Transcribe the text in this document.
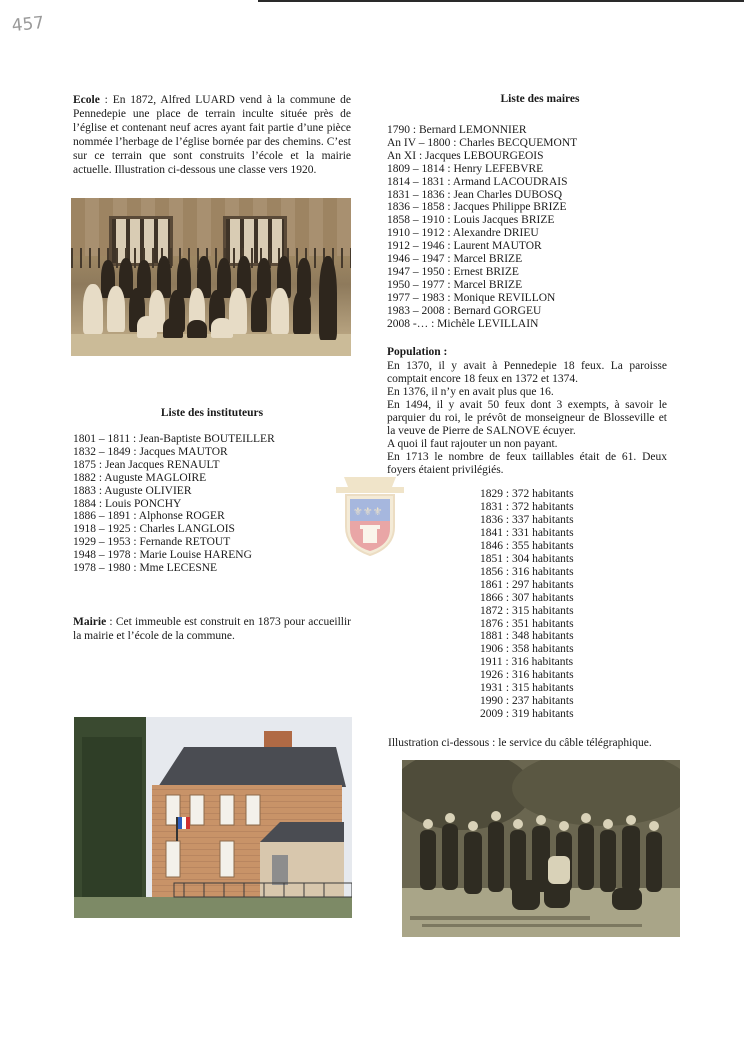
457

Ecole : En 1872, Alfred LUARD vend à la commune de Pennedepie une place de terrain inculte située près de l’église et contenant neuf acres ayant fait partie d’une pièce nommée l’herbage de l’église bornée par des chemins. C’est sur ce terrain que sont construits l’école et la mairie actuelle. Illustration ci-dessous une classe vers 1920.

Liste des instituteurs
1801 – 1811 : Jean-Baptiste BOUTEILLER
1832 – 1849 : Jacques MAUTOR
1875 : Jean Jacques RENAULT
1882 : Auguste MAGLOIRE
1883 : Auguste OLIVIER
1884 : Louis PONCHY
1886 – 1891 : Alphonse ROGER
1918 – 1925 : Charles LANGLOIS
1929 – 1953 : Fernande RETOUT
1948 – 1978 : Marie Louise HARENG
1978 – 1980 : Mme LECESNE

Mairie : Cet immeuble est construit en 1873 pour accueillir la mairie et l’école de la commune.

⚜⚜⚜
Liste des maires
1790 : Bernard LEMONNIER
An IV – 1800 : Charles BECQUEMONT
An XI : Jacques LEBOURGEOIS
1809 – 1814 : Henry LEFEBVRE
1814 – 1831 : Armand LACOUDRAIS
1831 – 1836 : Jean Charles DUBOSQ
1836 – 1858 : Jacques Philippe BRIZE
1858 – 1910 : Louis Jacques BRIZE
1910 – 1912 : Alexandre DRIEU
1912 – 1946 : Laurent MAUTOR
1946 – 1947 : Marcel BRIZE
1947 – 1950 : Ernest BRIZE
1950 – 1977 : Marcel BRIZE
1977 – 1983 : Monique REVILLON
1983 – 2008 : Bernard GORGEU
2008 -… : Michèle LEVILLAIN
Population :
En 1370, il y avait à Pennedepie 18 feux. La paroisse comptait encore 18 feux en 1372 et 1374.
En 1376, il n’y en avait plus que 16.
En 1494, il y avait 50 feux dont 3 exempts, à savoir le parquier du roi, le prévôt de monseigneur de Blosseville et la veuve de Pierre de SALNOVE écuyer.
A quoi il faut rajouter un non payant.
En 1713 le nombre de feux taillables était de 61. Deux foyers étaient privilégiés.
1829 : 372 habitants
1831 : 372 habitants
1836 : 337 habitants
1841 : 331 habitants
1846 : 355 habitants
1851 : 304 habitants
1856 : 316 habitants
1861 : 297 habitants
1866 : 307 habitants
1872 : 315 habitants
1876 : 351 habitants
1881 : 348 habitants
1906 : 358 habitants
1911 : 316 habitants
1926 : 316 habitants
1931 : 315 habitants
1990 : 237 habitants
2009 : 319 habitants
Illustration ci-dessous : le service du câble télégraphique.
